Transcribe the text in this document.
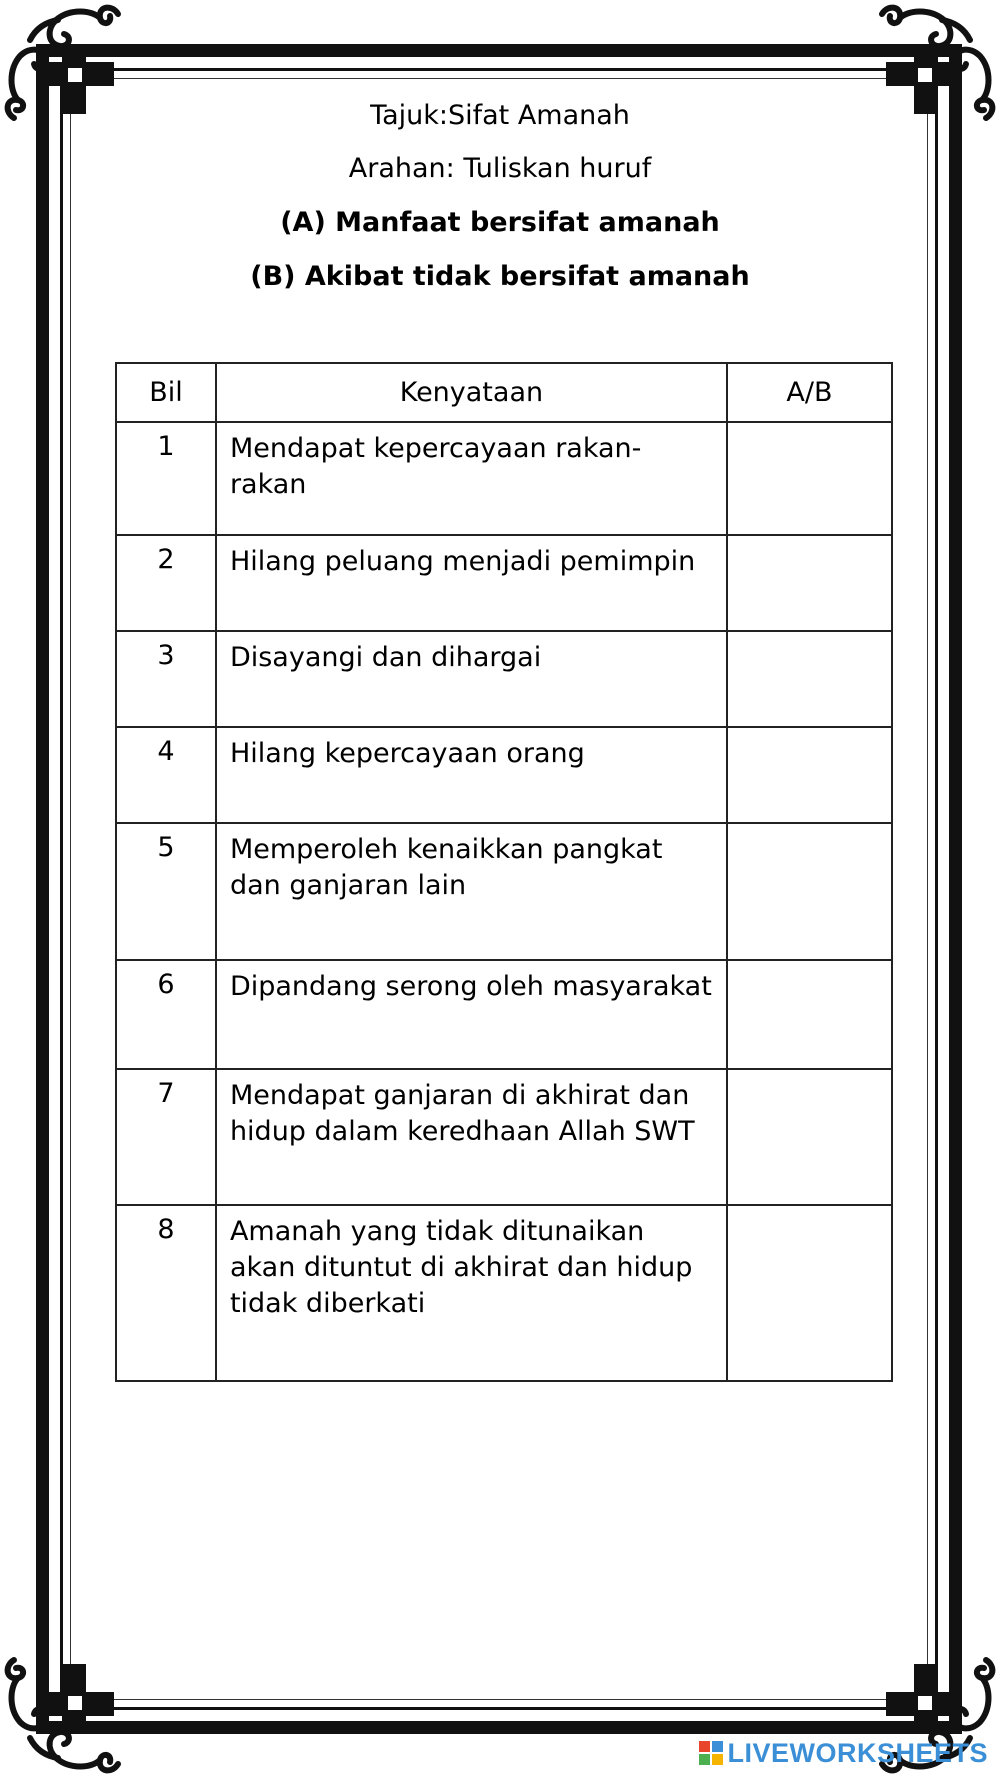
Tajuk:Sifat Amanah
Arahan: Tuliskan huruf
(A) Manfaat bersifat amanah
(B) Akibat tidak bersifat amanah
Bil	Kenyataan	A/B

1	Mendapat kepercayaan rakan-rakan	

2	Hilang peluang menjadi pemimpin	

3	Disayangi dan dihargai	

4	Hilang kepercayaan orang	

5	Memperoleh kenaikkan pangkat dan ganjaran lain	

6	Dipandang serong oleh masyarakat	

7	Mendapat ganjaran di akhirat dan hidup dalam keredhaan Allah SWT	

8	Amanah yang tidak ditunaikan akan dituntut di akhirat dan hidup tidak diberkati	

LIVEWORKSHEETS
